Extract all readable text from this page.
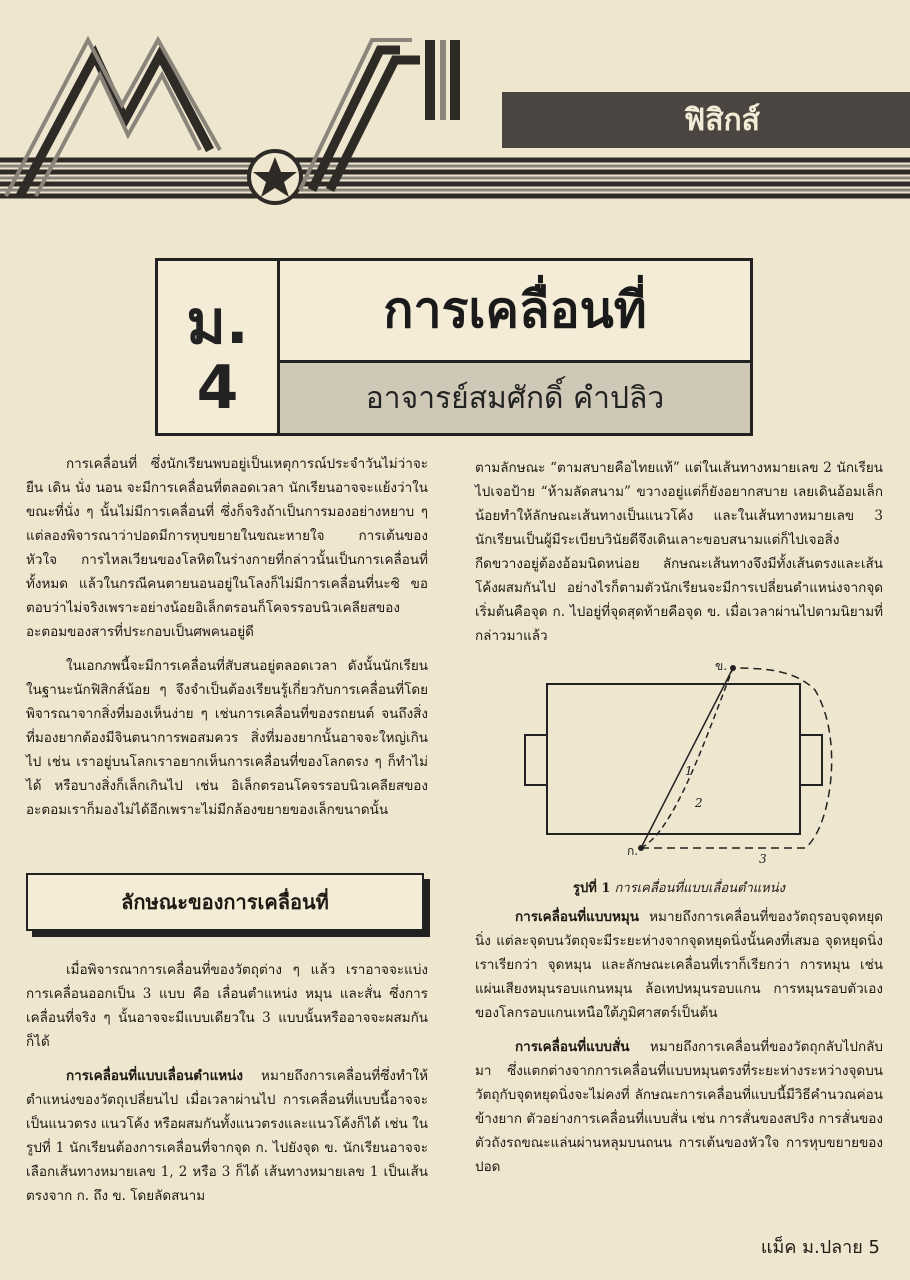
ฟิสิกส์
ม.
4
การเคลื่อนที่
อาจารย์สมศักดิ์ คำปลิว

การเคลื่อนที่ ซึ่งนักเรียนพบอยู่เป็นเหตุการณ์ประจำวันไม่ว่าจะยืน เดิน นั่ง นอน จะมีการเคลื่อนที่ตลอดเวลา นักเรียนอาจจะแย้งว่าในขณะที่นั่ง ๆ นั้นไม่มีการเคลื่อนที่ ซึ่งก็จริงถ้าเป็นการมองอย่างหยาบ ๆ แต่ลองพิจารณาว่าปอดมีการหุบขยายในขณะหายใจ การเต้นของหัวใจ การไหลเวียนของโลหิตในร่างกายที่กล่าวนั้นเป็นการเคลื่อนที่ทั้งหมด แล้วในกรณีคนตายนอนอยู่ในโลงก็ไม่มีการเคลื่อนที่นะซิ ขอตอบว่าไม่จริงเพราะอย่างน้อยอิเล็กตรอนก็โคจรรอบนิวเคลียสของอะตอมของสารที่ประกอบเป็นศพคนอยู่ดี

ในเอกภพนี้จะมีการเคลื่อนที่สับสนอยู่ตลอดเวลา ดังนั้นนักเรียนในฐานะนักฟิสิกส์น้อย ๆ จึงจำเป็นต้องเรียนรู้เกี่ยวกับการเคลื่อนที่โดยพิจารณาจากสิ่งที่มองเห็นง่าย ๆ เช่นการเคลื่อนที่ของรถยนต์ จนถึงสิ่งที่มองยากต้องมีจินตนาการพอสมควร สิ่งที่มองยากนั้นอาจจะใหญ่เกินไป เช่น เราอยู่บนโลกเราอยากเห็นการเคลื่อนที่ของโลกตรง ๆ ก็ทำไม่ได้ หรือบางสิ่งก็เล็กเกินไป เช่น อิเล็กตรอนโคจรรอบนิวเคลียสของอะตอมเราก็มองไม่ได้อีกเพราะไม่มีกล้องขยายของเล็กขนาดนั้น

ลักษณะของการเคลื่อนที่

เมื่อพิจารณาการเคลื่อนที่ของวัตถุต่าง ๆ แล้ว เราอาจจะแบ่งการเคลื่อนออกเป็น 3 แบบ คือ เลื่อนตำแหน่ง หมุน และสั่น ซึ่งการเคลื่อนที่จริง ๆ นั้นอาจจะมีแบบเดียวใน 3 แบบนั้นหรืออาจจะผสมกันก็ได้

การเคลื่อนที่แบบเลื่อนตำแหน่ง หมายถึงการเคลื่อนที่ซึ่งทำให้ตำแหน่งของวัตถุเปลี่ยนไป เมื่อเวลาผ่านไป การเคลื่อนที่แบบนี้อาจจะเป็นแนวตรง แนวโค้ง หรือผสมกันทั้งแนวตรงและแนวโค้งก็ได้ เช่น ในรูปที่ 1 นักเรียนต้องการเคลื่อนที่จากจุด ก. ไปยังจุด ข. นักเรียนอาจจะเลือกเส้นทางหมายเลข 1, 2 หรือ 3 ก็ได้ เส้นทางหมายเลข 1 เป็นเส้นตรงจาก ก. ถึง ข. โดยลัดสนาม

ตามลักษณะ “ตามสบายคือไทยแท้” แต่ในเส้นทางหมายเลข 2 นักเรียนไปเจอป้าย “ห้ามลัดสนาม” ขวางอยู่แต่ก็ยังอยากสบาย เลยเดินอ้อมเล็กน้อยทำให้ลักษณะเส้นทางเป็นแนวโค้ง และในเส้นทางหมายเลข 3 นักเรียนเป็นผู้มีระเบียบวินัยดีจึงเดินเลาะขอบสนามแต่ก็ไปเจอสิ่งกีดขวางอยู่ต้องอ้อมนิดหน่อย ลักษณะเส้นทางจึงมีทั้งเส้นตรงและเส้นโค้งผสมกันไป อย่างไรก็ตามตัวนักเรียนจะมีการเปลี่ยนตำแหน่งจากจุดเริ่มต้นคือจุด ก. ไปอยู่ที่จุดสุดท้ายคือจุด ข. เมื่อเวลาผ่านไปตามนิยามที่กล่าวมาแล้ว

ก.
ข.
1
2
3
รูปที่ 1 การเคลื่อนที่แบบเลื่อนตำแหน่ง

การเคลื่อนที่แบบหมุน หมายถึงการเคลื่อนที่ของวัตถุรอบจุดหยุดนิ่ง แต่ละจุดบนวัตถุจะมีระยะห่างจากจุดหยุดนิ่งนั้นคงที่เสมอ จุดหยุดนิ่งเราเรียกว่า จุดหมุน และลักษณะเคลื่อนที่เราก็เรียกว่า การหมุน เช่น แผ่นเสียงหมุนรอบแกนหมุน ล้อเทปหมุนรอบแกน การหมุนรอบตัวเองของโลกรอบแกนเหนือใต้ภูมิศาสตร์เป็นต้น

การเคลื่อนที่แบบสั่น หมายถึงการเคลื่อนที่ของวัตถุกลับไปกลับมา ซึ่งแตกต่างจากการเคลื่อนที่แบบหมุนตรงที่ระยะห่างระหว่างจุดบนวัตถุกับจุดหยุดนิ่งจะไม่คงที่ ลักษณะการเคลื่อนที่แบบนี้มีวิธีคำนวณค่อนข้างยาก ตัวอย่างการเคลื่อนที่แบบสั่น เช่น การสั่นของสปริง การสั่นของตัวถังรถขณะแล่นผ่านหลุมบนถนน การเต้นของหัวใจ การหุบขยายของปอด

แม็ค ม.ปลาย 5
